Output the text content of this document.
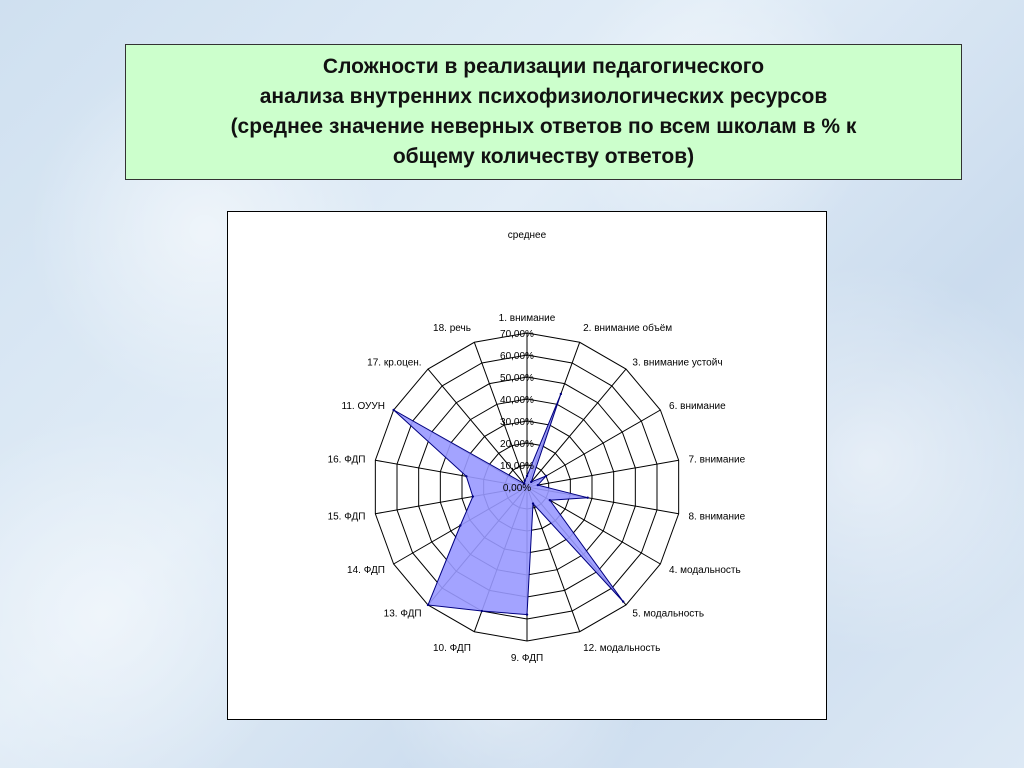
Сложности в реализации педагогического
анализа внутренних психофизиологических ресурсов
(среднее значение неверных ответов по всем школам в % к
общему количеству ответов)
среднее
0,00%
10,00%
20,00%
30,00%
40,00%
50,00%
60,00%
70,00%
1. внимание
2. внимание объём
3. внимание устойч
6. внимание
7. внимание
8. внимание
4. модальность
5. модальность
12. модальность
9. ФДП
10. ФДП
13. ФДП
14. ФДП
15. ФДП
16. ФДП
11. ОУУН
17. кр.оцен.
18. речь
